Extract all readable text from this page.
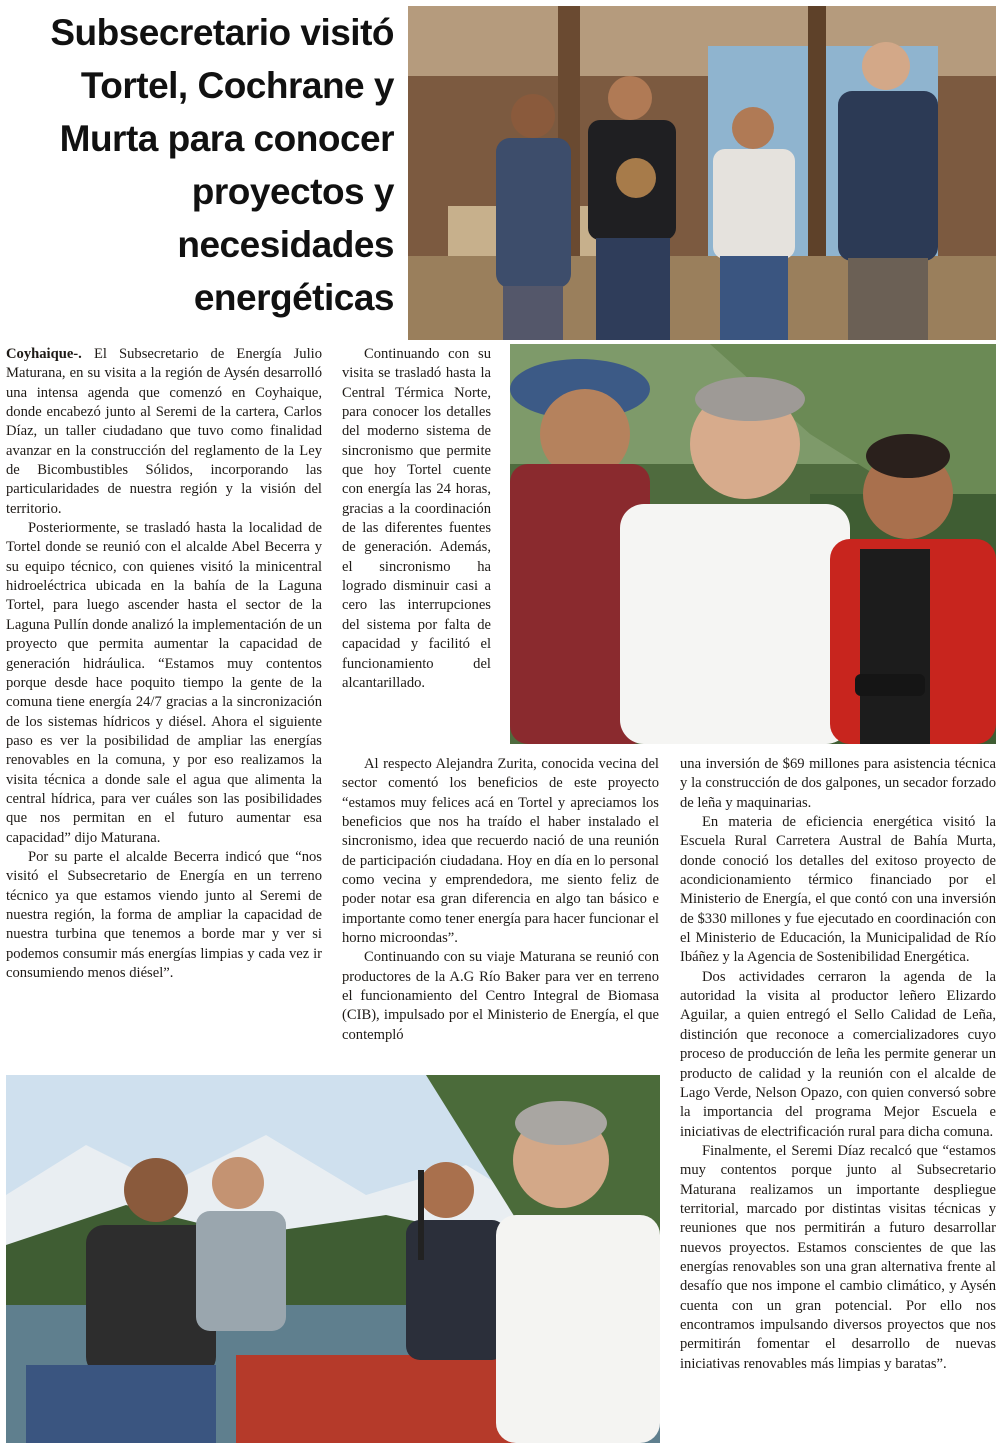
Subsecretario visitó Tortel, Cochrane y Murta para conocer proyectos y necesidades energéticas

Coyhaique-. El Subsecretario de Energía Julio Maturana, en su visita a la región de Aysén desarrolló una intensa agenda que comenzó en Coyhaique, donde encabezó junto al Seremi de la cartera, Carlos Díaz, un taller ciudadano que tuvo como finalidad avanzar en la construcción del reglamento de la Ley de Bicombustibles Sólidos, incorporando las particularidades de nuestra región y la visión del territorio.

Posteriormente, se trasladó hasta la localidad de Tortel donde se reunió con el alcalde Abel Becerra y su equipo técnico, con quienes visitó la minicentral hidroeléctrica ubicada en la bahía de la Laguna Tortel, para luego ascender hasta el sector de la Laguna Pullín donde analizó la implementación de un proyecto que permita aumentar la capacidad de generación hidráulica. “Estamos muy contentos porque desde hace poquito tiempo la gente de la comuna tiene energía 24/7 gracias a la sincronización de los sistemas hídricos y diésel. Ahora el siguiente paso es ver la posibilidad de ampliar las energías renovables en la comuna, y por eso realizamos la visita técnica a donde sale el agua que alimenta la central hídrica, para ver cuáles son las posibilidades que nos permitan en el futuro aumentar esa capacidad” dijo Maturana.

Por su parte el alcalde Becerra indicó que “nos visitó el Subsecretario de Energía en un terreno técnico ya que estamos viendo junto al Seremi de nuestra región, la forma de ampliar la capacidad de nuestra turbina que tenemos a borde mar y ver si podemos consumir más energías limpias y cada vez ir consumiendo menos diésel”.

Continuando con su visita se trasladó hasta la Central Térmica Norte, para conocer los detalles del moderno sistema de sincronismo que permite que hoy Tortel cuente con energía las 24 horas, gracias a la coordinación de las diferentes fuentes de generación. Además, el sincronismo ha logrado disminuir casi a cero las interrupciones del sistema por falta de capacidad y facilitó el funcionamiento del alcantarillado.

Al respecto Alejandra Zurita, conocida vecina del sector comentó los beneficios de este proyecto “estamos muy felices acá en Tortel y apreciamos los beneficios que nos ha traído el haber instalado el sincronismo, idea que recuerdo nació de una reunión de participación ciudadana. Hoy en día en lo personal como vecina y emprendedora, me siento feliz de poder notar esa gran diferencia en algo tan básico e importante como tener energía para hacer funcionar el horno microondas”.

Continuando con su viaje Maturana se reunió con productores de la A.G Río Baker para ver en terreno el funcionamiento del Centro Integral de Biomasa (CIB), impulsado por el Ministerio de Energía, el que contempló

una inversión de $69 millones para asistencia técnica y la construcción de dos galpones, un secador forzado de leña y maquinarias.

En materia de eficiencia energética visitó la Escuela Rural Carretera Austral de Bahía Murta, donde conoció los detalles del exitoso proyecto de acondicionamiento térmico financiado por el Ministerio de Energía, el que contó con una inversión de $330 millones y fue ejecutado en coordinación con el Ministerio de Educación, la Municipalidad de Río Ibáñez y la Agencia de Sostenibilidad Energética.

Dos actividades cerraron la agenda de la autoridad la visita al productor leñero Elizardo Aguilar, a quien entregó el Sello Calidad de Leña, distinción que reconoce a comercializadores cuyo proceso de producción de leña les permite generar un producto de calidad y la reunión con el alcalde de Lago Verde, Nelson Opazo, con quien conversó sobre la importancia del programa Mejor Escuela e iniciativas de electrificación rural para dicha comuna.

Finalmente, el Seremi Díaz recalcó que “estamos muy contentos porque junto al Subsecretario Maturana realizamos un importante despliegue territorial, marcado por distintas visitas técnicas y reuniones que nos permitirán a futuro desarrollar nuevos proyectos. Estamos conscientes de que las energías renovables son una gran alternativa frente al desafío que nos impone el cambio climático, y Aysén cuenta con un gran potencial. Por ello nos encontramos impulsando diversos proyectos que nos permitirán fomentar el desarrollo de nuevas iniciativas renovables más limpias y baratas”.
